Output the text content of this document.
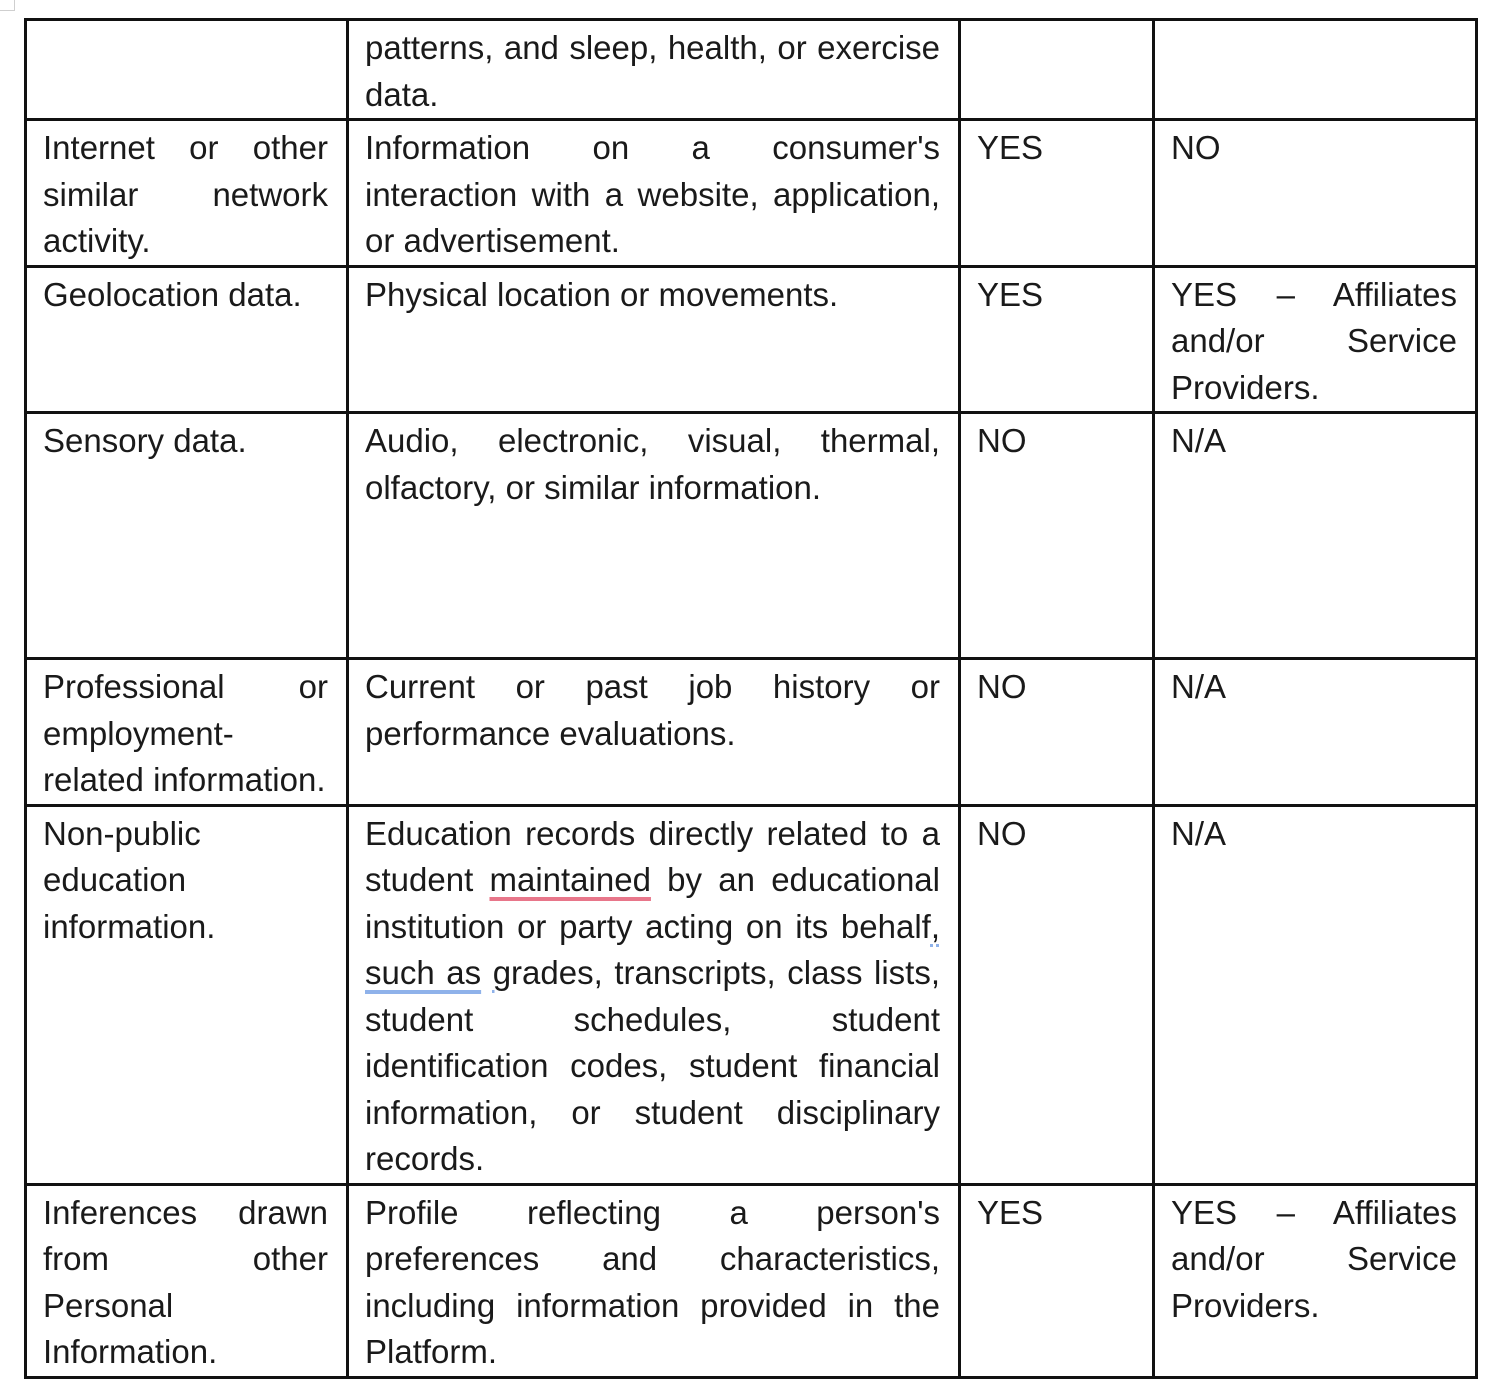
	patterns, and sleep, health, or exercise data.		

Internet or other similar network activity.	Information on a consumer's interaction with a website, application, or advertisement.	YES	NO

Geolocation data.	Physical location or movements.	YES	YES – Affiliates and/or Service Providers.

Sensory data.	Audio, electronic, visual, thermal, olfactory, or similar information.	NO	N/A

Professional or employment-related information.	Current or past job history or performance evaluations.	NO	N/A

Non-public education information.	Education records directly related to a student maintained by an educational institution or party acting on its behalf, such as grades, transcripts, class lists, student schedules, student identification codes, student financial information, or student disciplinary records.	NO	N/A

Inferences drawn from other Personal Information.	Profile reflecting a person's preferences and characteristics, including information provided in the Platform.	YES	YES – Affiliates and/or Service Providers.
